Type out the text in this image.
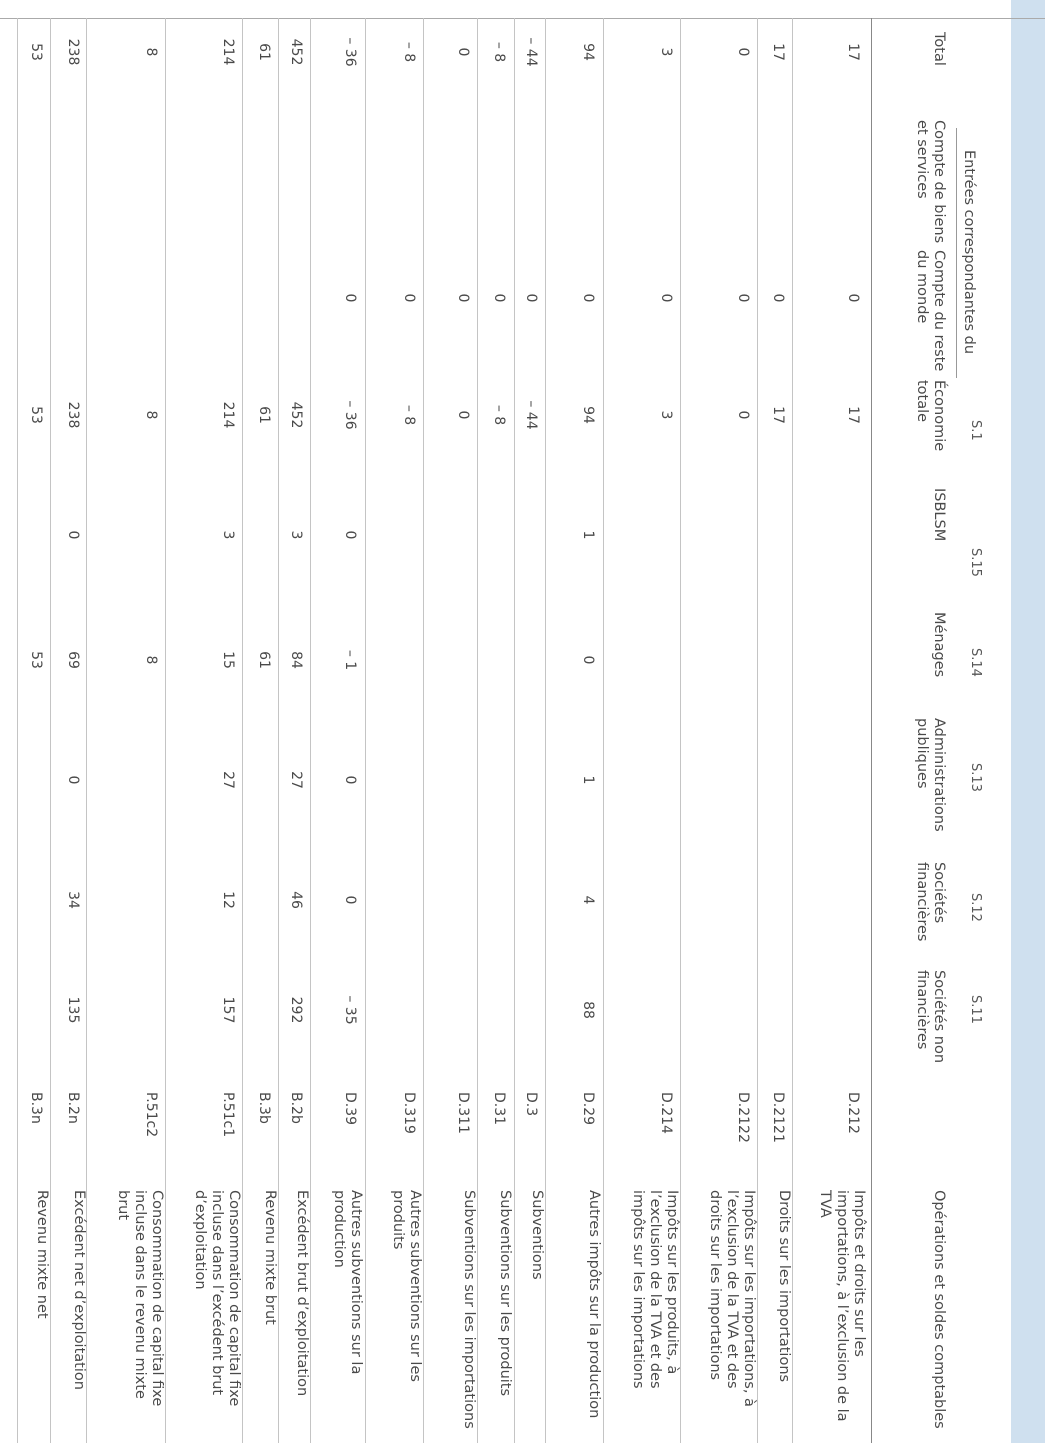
Entrées correspondantes du
S.1
S.15
S.14
S.13
S.12
S.11
Total
Compte de biens et services
Compte du reste du monde
Économie totale
ISBLSM
Ménages
Administrations publiques
Sociétés financières
Sociétés non financières
Opérations et soldes comptables
17
0
17
D.212
Impôts et droits sur les importations, à l’exclusion de la TVA
17
0
17
D.2121
Droits sur les importations
0
0
0
D.2122
Impôts sur les importations, à l’exclusion de la TVA et des droits sur les importations
3
0
3
D.214
Impôts sur les produits, à l’exclusion de la TVA et des impôts sur les importations
94
0
94
1
0
1
4
88
D.29
Autres impôts sur la production
– 44
0
– 44
D.3
Subventions
– 8
0
– 8
D.31
Subventions sur les produits
0
0
0
D.311
Subventions sur les importations
– 8
0
– 8
D.319
Autres subventions sur les produits
– 36
0
– 36
0
– 1
0
0
– 35
D.39
Autres subventions sur la production
452
452
3
84
27
46
292
B.2b
Excédent brut d’exploitation
61
61
61
B.3b
Revenu mixte brut
214
214
3
15
27
12
157
P.51c1
Consommation de capital fixe incluse dans l’excédent brut d’exploitation
8
8
8
P.51c2
Consommation de capital fixe incluse dans le revenu mixte brut
238
238
0
69
0
34
135
B.2n
Excédent net d’exploitation
53
53
53
B.3n
Revenu mixte net
